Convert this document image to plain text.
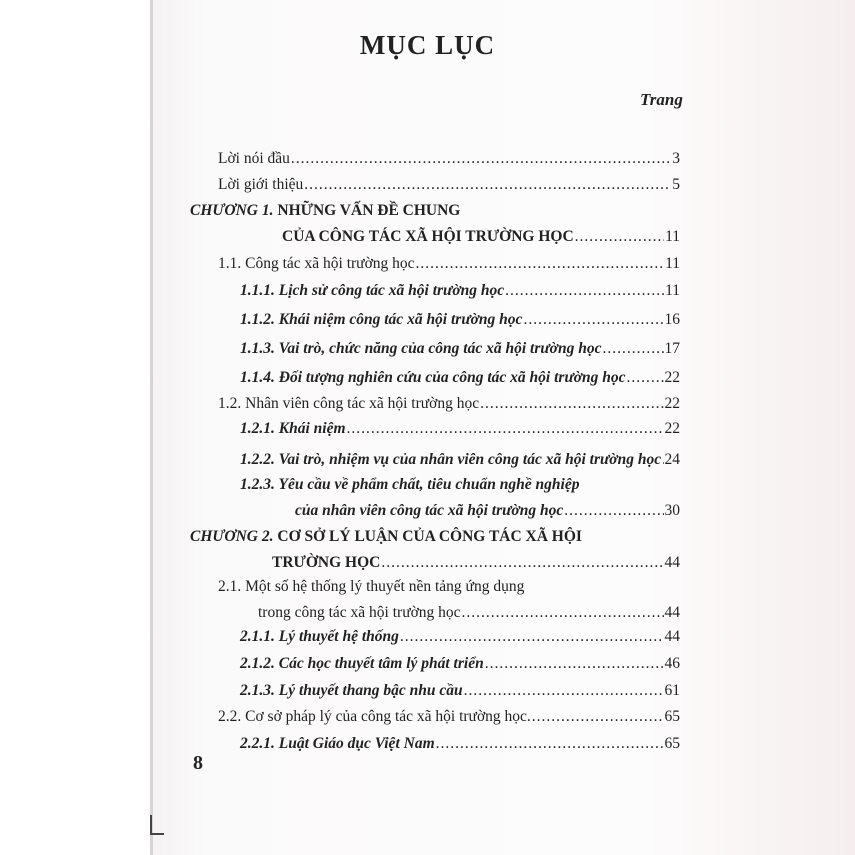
MỤC LỤC
Trang
Lời nói đầu .....	3
Lời giới thiệu .....	5
CHƯƠNG 1. NHỮNG VẤN ĐỀ CHUNG
CỦA CÔNG TÁC XÃ HỘI TRƯỜNG HỌC .....	11
1.1. Công tác xã hội trường học .....	11
1.1.1. Lịch sử công tác xã hội trường học .....	11
1.1.2. Khái niệm công tác xã hội trường học .....	16
1.1.3. Vai trò, chức năng của công tác xã hội trường học .....	17
1.1.4. Đối tượng nghiên cứu của công tác xã hội trường học .....	22
1.2. Nhân viên công tác xã hội trường học .....	22
1.2.1. Khái niệm .....	22
1.2.2. Vai trò, nhiệm vụ của nhân viên công tác xã hội trường học ..... 24
1.2.3. Yêu cầu về phẩm chất, tiêu chuẩn nghề nghiệp
của nhân viên công tác xã hội trường học .....	30
CHƯƠNG 2. CƠ SỞ LÝ LUẬN CỦA CÔNG TÁC XÃ HỘI
TRƯỜNG HỌC .....	44
2.1. Một số hệ thống lý thuyết nền tảng ứng dụng
trong công tác xã hội trường học .....	44
2.1.1. Lý thuyết hệ thống .....	44
2.1.2. Các học thuyết tâm lý phát triển .....	46
2.1.3. Lý thuyết thang bậc nhu cầu .....	61
2.2. Cơ sở pháp lý của công tác xã hội trường học. .....	65
2.2.1. Luật Giáo dục Việt Nam .....	65
8
